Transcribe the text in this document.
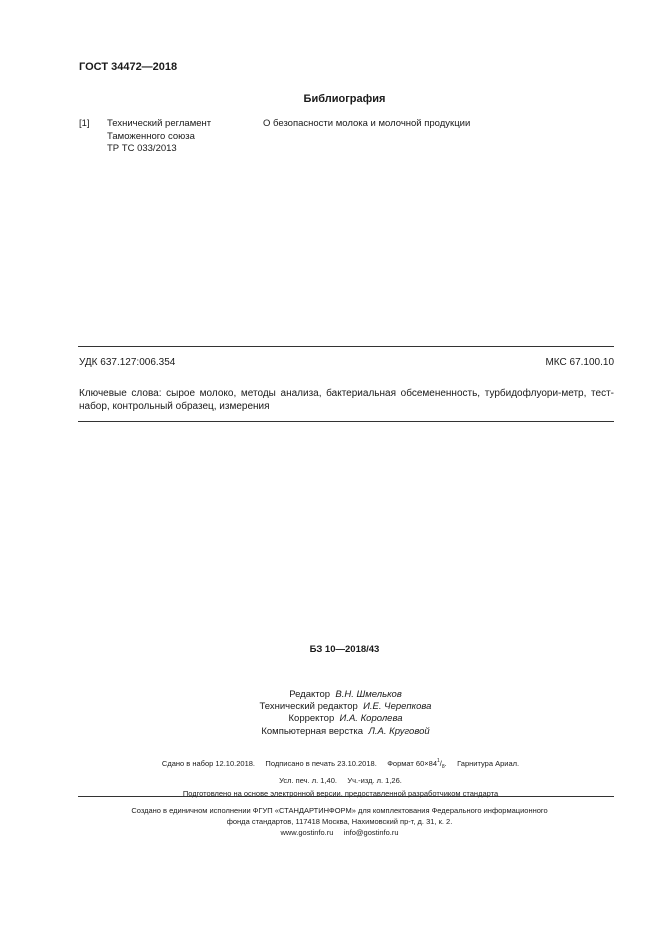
ГОСТ 34472—2018
Библиография
[1] Технический регламент
Таможенного союза
ТР ТС 033/2013
О безопасности молока и молочной продукции
УДК 637.127:006.354	МКС 67.100.10
Ключевые слова: сырое молоко, методы анализа, бактериальная обсемененность, турбидофлуори-метр, тест-набор, контрольный образец, измерения
БЗ 10—2018/43
Редактор В.Н. Шмельков
Технический редактор И.Е. Черепкова
Корректор И.А. Королева
Компьютерная верстка Л.А. Круговой
Сдано в набор 12.10.2018. Подписано в печать 23.10.2018. Формат $60\times 84^1/_8$. Гарнитура Ариал.
Усл. печ. л. 1,40. Уч.-изд. л. 1,26.
Подготовлено на основе электронной версии, предоставленной разработчиком стандарта
Создано в единичном исполнении ФГУП «СТАНДАРТИНФОРМ» для комплектования Федерального информационного
фонда стандартов, 117418 Москва, Нахимовский пр-т, д. 31, к. 2.
www.gostinfo.ru info@gostinfo.ru
